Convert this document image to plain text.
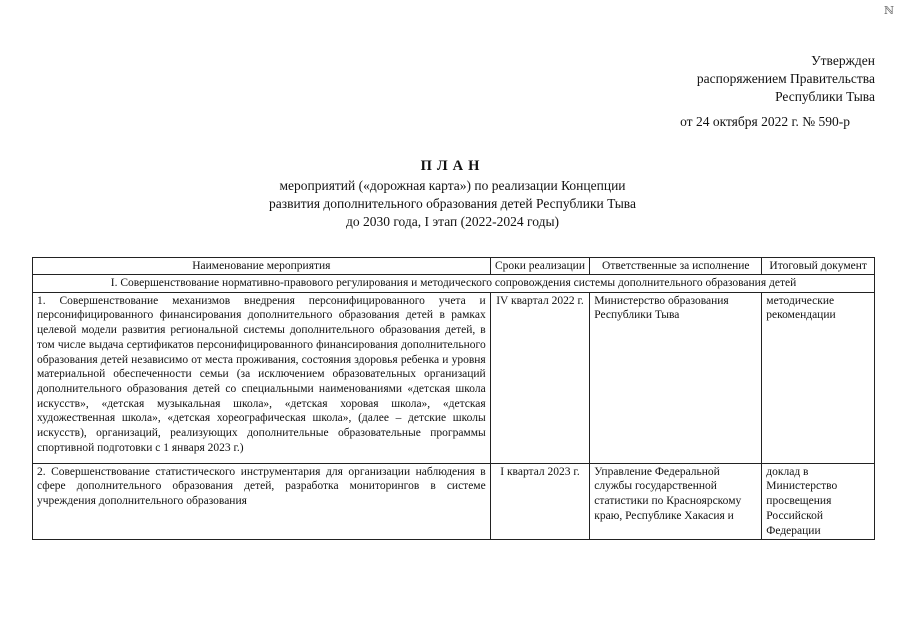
ℕ
Утвержден
распоряжением Правительства
Республики Тыва
от 24 октября 2022 г. № 590-р
ПЛАН
мероприятий («дорожная карта») по реализации Концепции
развития дополнительного образования детей Республики Тыва
до 2030 года, I этап (2022-2024 годы)
Наименование мероприятия	Сроки реализации	Ответственные за исполнение	Итоговый документ
I. Совершенствование нормативно-правового регулирования и методического сопровождения системы дополнительного образования детей			
1. Совершенствование механизмов внедрения персонифицированного учета и персонифицированного финансирования дополнительного образования детей в рамках целевой модели развития региональной системы дополнительного образования детей, в том числе выдача сертификатов персонифицированного финансирования дополнительного образования детей независимо от места проживания, состояния здоровья ребенка и уровня материальной обеспеченности семьи (за исключением образовательных организаций дополнительного образования детей со специальными наименованиями «детская школа искусств», «детская музыкальная школа», «детская хоровая школа», «детская художественная школа», «детская хореографическая школа», (далее – детские школы искусств), организаций, реализующих дополнительные образовательные программы спортивной подготовки с 1 января 2023 г.)	IV квартал 2022 г.	Министерство образования Республики Тыва	методические рекомендации
2. Совершенствование статистического инструментария для организации наблюдения в сфере дополнительного образования детей, разработка мониторингов в системе учреждения дополнительного образования	I квартал 2023 г.	Управление Федеральной службы государственной статистики по Красноярскому краю, Республике Хакасия и	доклад в Министерство просвещения Российской Федерации
